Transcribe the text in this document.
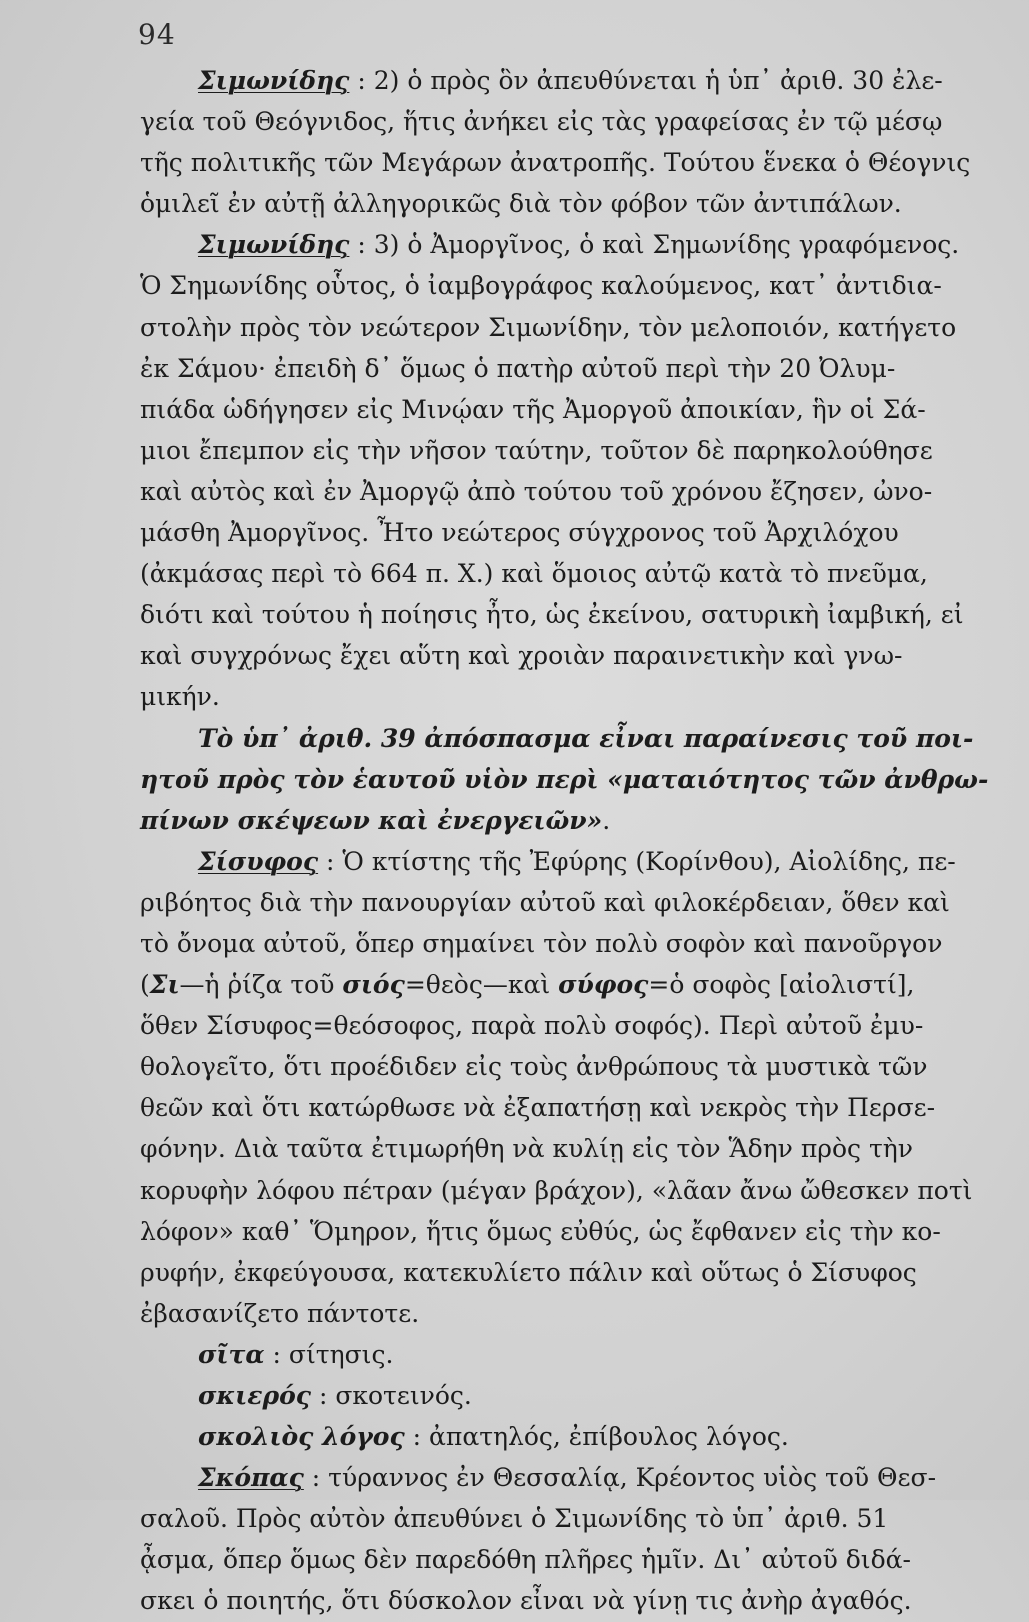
94
Σιμωνίδης : 2) ὁ πρὸς ὃν ἀπευθύνεται ἡ ὑπ᾽ ἀριθ. 30 ἐλε-
γεία τοῦ Θεόγνιδος, ἥτις ἀνήκει εἰς τὰς γραφείσας ἐν τῷ μέσῳ
τῆς πολιτικῆς τῶν Μεγάρων ἀνατροπῆς. Τούτου ἕνεκα ὁ Θέογνις
ὁμιλεῖ ἐν αὐτῇ ἀλληγορικῶς διὰ τὸν φόβον τῶν ἀντιπάλων.
Σιμωνίδης : 3) ὁ Ἀμοργῖνος, ὁ καὶ Σημωνίδης γραφόμενος.
Ὁ Σημωνίδης οὗτος, ὁ ἰαμβογράφος καλούμενος, κατ᾽ ἀντιδια-
στολὴν πρὸς τὸν νεώτερον Σιμωνίδην, τὸν μελοποιόν, κατήγετο
ἐκ Σάμου· ἐπειδὴ δ᾽ ὅμως ὁ πατὴρ αὐτοῦ περὶ τὴν 20 Ὀλυμ-
πιάδα ὡδήγησεν εἰς Μινῴαν τῆς Ἀμοργοῦ ἀποικίαν, ἣν οἱ Σά-
μιοι ἔπεμπον εἰς τὴν νῆσον ταύτην, τοῦτον δὲ παρηκολούθησε
καὶ αὐτὸς καὶ ἐν Ἀμοργῷ ἀπὸ τούτου τοῦ χρόνου ἔζησεν, ὠνο-
μάσθη Ἀμοργῖνος. Ἦτο νεώτερος σύγχρονος τοῦ Ἀρχιλόχου
(ἀκμάσας περὶ τὸ 664 π. Χ.) καὶ ὅμοιος αὐτῷ κατὰ τὸ πνεῦμα,
διότι καὶ τούτου ἡ ποίησις ἦτο, ὡς ἐκείνου, σατυρικὴ ἰαμβική, εἰ
καὶ συγχρόνως ἔχει αὕτη καὶ χροιὰν παραινετικὴν καὶ γνω-
μικήν.
Τὸ ὑπ᾽ ἀριθ. 39 ἀπόσπασμα εἶναι παραίνεσις τοῦ ποι-
ητοῦ πρὸς τὸν ἑαυτοῦ υἱὸν περὶ «ματαιότητος τῶν ἀνθρω-
πίνων σκέψεων καὶ ἐνεργειῶν».
Σίσυφος : Ὁ κτίστης τῆς Ἐφύρης (Κορίνθου), Αἰολίδης, πε-
ριβόητος διὰ τὴν πανουργίαν αὐτοῦ καὶ φιλοκέρδειαν, ὅθεν καὶ
τὸ ὄνομα αὐτοῦ, ὅπερ σημαίνει τὸν πολὺ σοφὸν καὶ πανοῦργον
(Σι—ἡ ῥίζα τοῦ σιός=θεὸς—καὶ σύφος=ὁ σοφὸς [αἰολιστί],
ὅθεν Σίσυφος=θεόσοφος, παρὰ πολὺ σοφός). Περὶ αὐτοῦ ἐμυ-
θολογεῖτο, ὅτι προέδιδεν εἰς τοὺς ἀνθρώπους τὰ μυστικὰ τῶν
θεῶν καὶ ὅτι κατώρθωσε νὰ ἐξαπατήσῃ καὶ νεκρὸς τὴν Περσε-
φόνην. Διὰ ταῦτα ἐτιμωρήθη νὰ κυλίῃ εἰς τὸν Ἅδην πρὸς τὴν
κορυφὴν λόφου πέτραν (μέγαν βράχον), «λᾶαν ἄνω ὤθεσκεν ποτὶ
λόφον» καθ᾽ Ὅμηρον, ἥτις ὅμως εὐθύς, ὡς ἔφθανεν εἰς τὴν κο-
ρυφήν, ἐκφεύγουσα, κατεκυλίετο πάλιν καὶ οὕτως ὁ Σίσυφος
ἐβασανίζετο πάντοτε.
σῖτα : σίτησις.
σκιερός : σκοτεινός.
σκολιὸς λόγος : ἀπατηλός, ἐπίβουλος λόγος.
Σκόπας : τύραννος ἐν Θεσσαλίᾳ, Κρέοντος υἱὸς τοῦ Θεσ-
σαλοῦ. Πρὸς αὐτὸν ἀπευθύνει ὁ Σιμωνίδης τὸ ὑπ᾽ ἀριθ. 51
ᾆσμα, ὅπερ ὅμως δὲν παρεδόθη πλῆρες ἡμῖν. Δι᾽ αὐτοῦ διδά-
σκει ὁ ποιητής, ὅτι δύσκολον εἶναι νὰ γίνῃ τις ἀνὴρ ἀγαθός.
